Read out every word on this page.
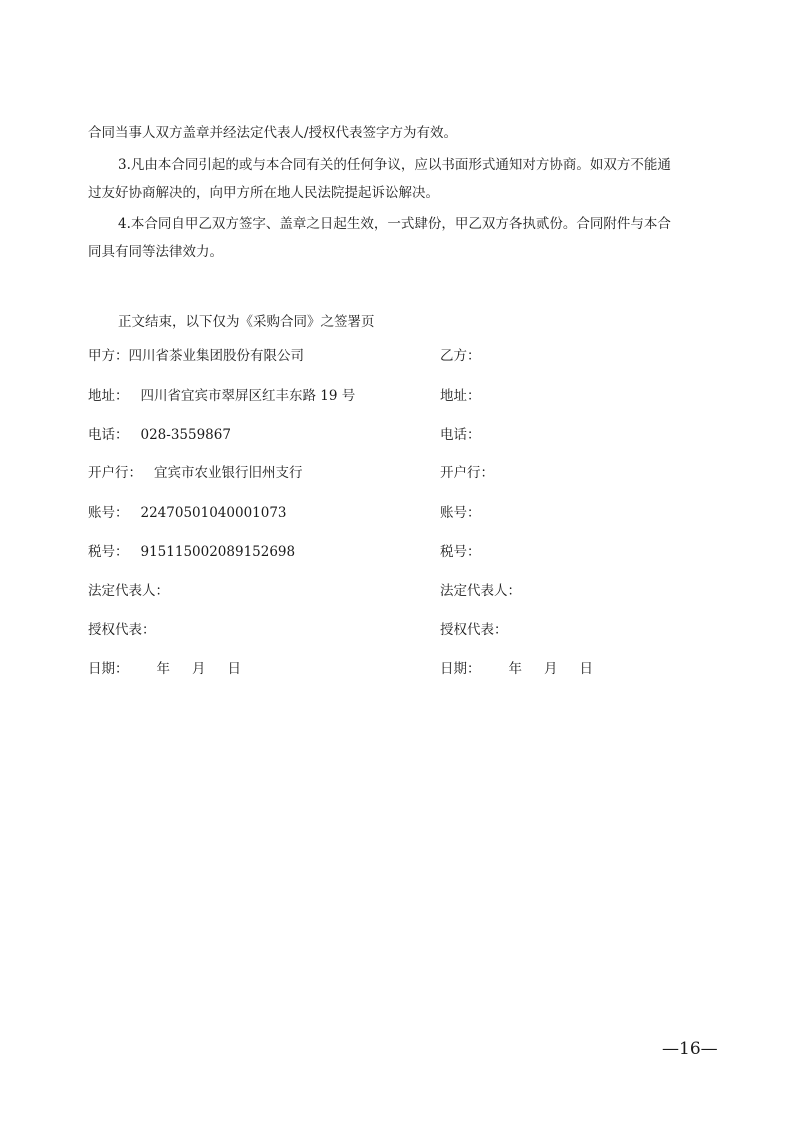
合同当事人双方盖章并经法定代表人/授权代表签字方为有效。
3.凡由本合同引起的或与本合同有关的任何争议，应以书面形式通知对方协商。如双方不能通
过友好协商解决的，向甲方所在地人民法院提起诉讼解决。
4.本合同自甲乙双方签字、盖章之日起生效，一式肆份，甲乙双方各执贰份。合同附件与本合
同具有同等法律效力。
正文结束，以下仅为《采购合同》之签署页
甲方：四川省茶业集团股份有限公司
地址： 四川省宜宾市翠屏区红丰东路 19 号
电话： 028-3559867
开户行： 宜宾市农业银行旧州支行
账号： 22470501040001073
税号： 915115002089152698
法定代表人：
授权代表：
日期： 年 月 日
乙方：
地址：
电话：
开户行：
账号：
税号：
法定代表人：
授权代表：
日期： 年 月 日
—16—
